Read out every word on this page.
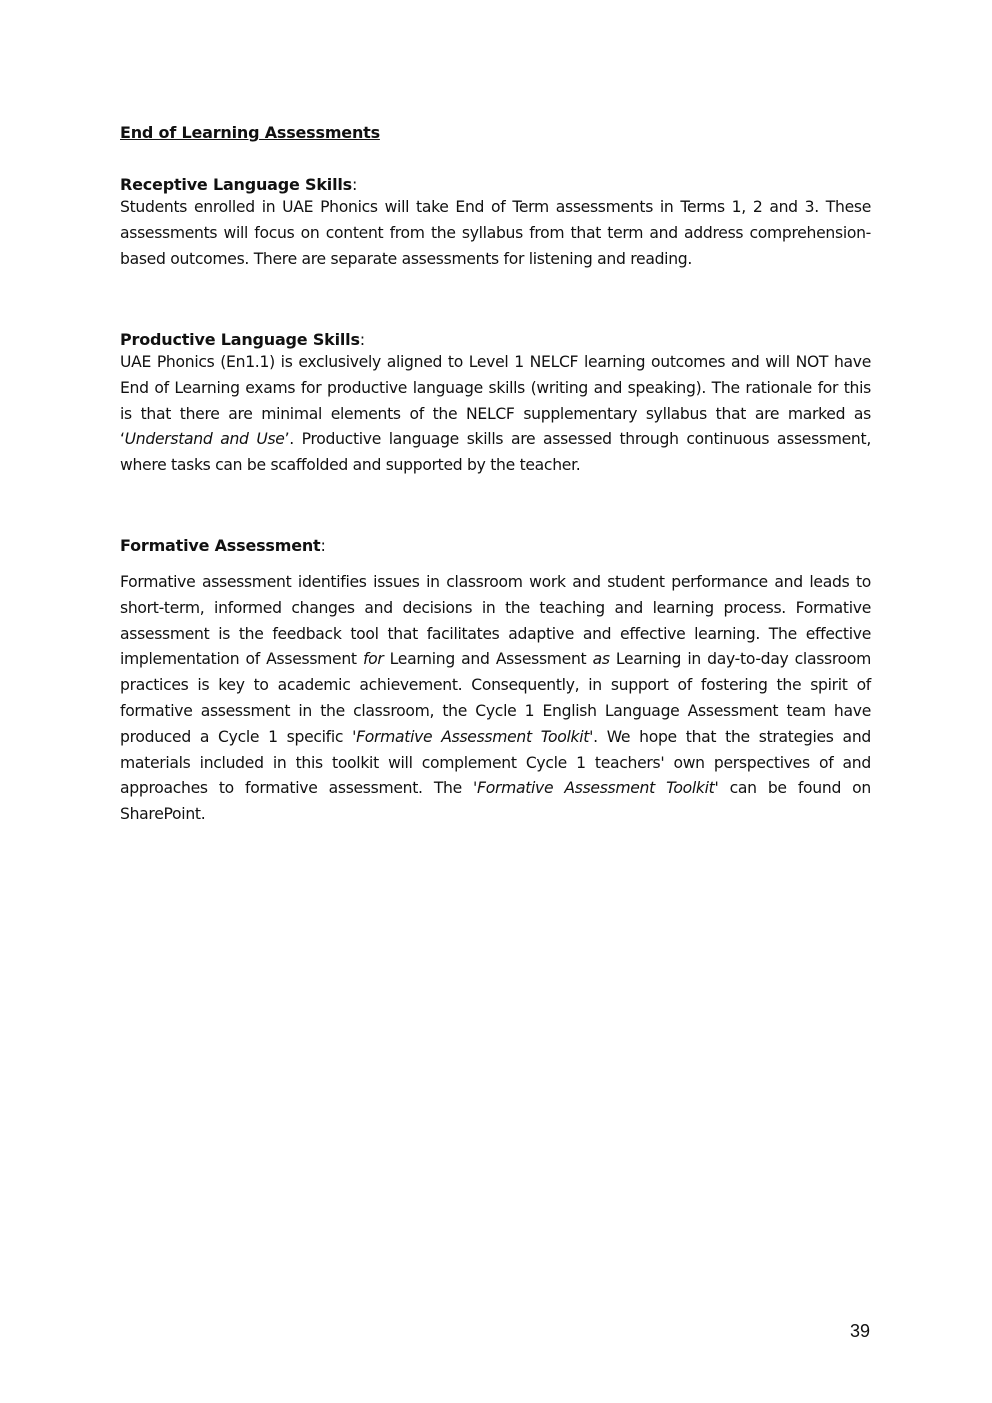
End of Learning Assessments
Receptive Language Skills:

Students enrolled in UAE Phonics will take End of Term assessments in Terms 1, 2 and 3. These assessments will focus on content from the syllabus from that term and address comprehension-based outcomes. There are separate assessments for listening and reading.

Productive Language Skills:

UAE Phonics (En1.1) is exclusively aligned to Level 1 NELCF learning outcomes and will NOT have End of Learning exams for productive language skills (writing and speaking). The rationale for this is that there are minimal elements of the NELCF supplementary syllabus that are marked as ‘Understand and Use’. Productive language skills are assessed through continuous assessment, where tasks can be scaffolded and supported by the teacher.

Formative Assessment:

Formative assessment identifies issues in classroom work and student performance and leads to short-term, informed changes and decisions in the teaching and learning process. Formative assessment is the feedback tool that facilitates adaptive and effective learning. The effective implementation of Assessment for Learning and Assessment as Learning in day-to-day classroom practices is key to academic achievement. Consequently, in support of fostering the spirit of formative assessment in the classroom, the Cycle 1 English Language Assessment team have produced a Cycle 1 specific 'Formative Assessment Toolkit'. We hope that the strategies and materials included in this toolkit will complement Cycle 1 teachers' own perspectives of and approaches to formative assessment. The 'Formative Assessment Toolkit' can be found on SharePoint.

39
